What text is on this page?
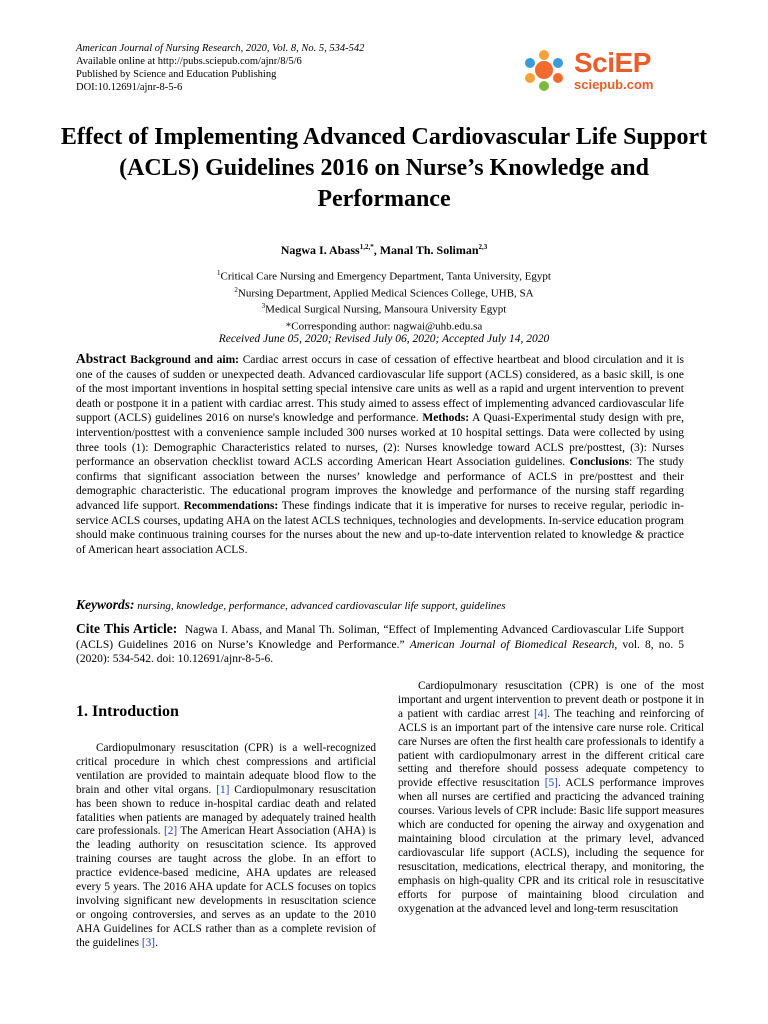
American Journal of Nursing Research, 2020, Vol. 8, No. 5, 534-542
Available online at http://pubs.sciepub.com/ajnr/8/5/6
Published by Science and Education Publishing
DOI:10.12691/ajnr-8-5-6
SciEP
sciepub.com
Effect of Implementing Advanced Cardiovascular Life Support (ACLS) Guidelines 2016 on Nurse’s Knowledge and Performance
Nagwa I. Abass$^{1,2,*}$, Manal Th. Soliman$^{2,3}$
$^1$Critical Care Nursing and Emergency Department, Tanta University, Egypt
$^2$Nursing Department, Applied Medical Sciences College, UHB, SA
$^3$Medical Surgical Nursing, Mansoura University Egypt
*Corresponding author: nagwai@uhb.edu.sa
Received June 05, 2020; Revised July 06, 2020; Accepted July 14, 2020
Abstract Background and aim: Cardiac arrest occurs in case of cessation of effective heartbeat and blood circulation and it is one of the causes of sudden or unexpected death. Advanced cardiovascular life support (ACLS) considered, as a basic skill, is one of the most important inventions in hospital setting special intensive care units as well as a rapid and urgent intervention to prevent death or postpone it in a patient with cardiac arrest. This study aimed to assess effect of implementing advanced cardiovascular life support (ACLS) guidelines 2016 on nurse's knowledge and performance. Methods: A Quasi-Experimental study design with pre, intervention/posttest with a convenience sample included 300 nurses worked at 10 hospital settings. Data were collected by using three tools (1): Demographic Characteristics related to nurses, (2): Nurses knowledge toward ACLS pre/posttest, (3): Nurses performance an observation checklist toward ACLS according American Heart Association guidelines. Conclusions: The study confirms that significant association between the nurses’ knowledge and performance of ACLS in pre/posttest and their demographic characteristic. The educational program improves the knowledge and performance of the nursing staff regarding advanced life support. Recommendations: These findings indicate that it is imperative for nurses to receive regular, periodic in-service ACLS courses, updating AHA on the latest ACLS techniques, technologies and developments. In-service education program should make continuous training courses for the nurses about the new and up-to-date intervention related to knowledge & practice of American heart association ACLS.
Keywords: nursing, knowledge, performance, advanced cardiovascular life support, guidelines
Cite This Article: Nagwa I. Abass, and Manal Th. Soliman, “Effect of Implementing Advanced Cardiovascular Life Support (ACLS) Guidelines 2016 on Nurse’s Knowledge and Performance.” American Journal of Biomedical Research, vol. 8, no. 5 (2020): 534-542. doi: 10.12691/ajnr-8-5-6.
1. Introduction
Cardiopulmonary resuscitation (CPR) is a well-recognized critical procedure in which chest compressions and artificial ventilation are provided to maintain adequate blood flow to the brain and other vital organs. [1] Cardiopulmonary resuscitation has been shown to reduce in-hospital cardiac death and related fatalities when patients are managed by adequately trained health care professionals. [2] The American Heart Association (AHA) is the leading authority on resuscitation science. Its approved training courses are taught across the globe. In an effort to practice evidence-based medicine, AHA updates are released every 5 years. The 2016 AHA update for ACLS focuses on topics involving significant new developments in resuscitation science or ongoing controversies, and serves as an update to the 2010 AHA Guidelines for ACLS rather than as a complete revision of the guidelines [3].
Cardiopulmonary resuscitation (CPR) is one of the most important and urgent intervention to prevent death or postpone it in a patient with cardiac arrest [4]. The teaching and reinforcing of ACLS is an important part of the intensive care nurse role. Critical care Nurses are often the first health care professionals to identify a patient with cardiopulmonary arrest in the different critical care setting and therefore should possess adequate competency to provide effective resuscitation [5]. ACLS performance improves when all nurses are certified and practicing the advanced training courses. Various levels of CPR include: Basic life support measures which are conducted for opening the airway and oxygenation and maintaining blood circulation at the primary level, advanced cardiovascular life support (ACLS), including the sequence for resuscitation, medications, electrical therapy, and monitoring, the emphasis on high-quality CPR and its critical role in resuscitative efforts for purpose of maintaining blood circulation and oxygenation at the advanced level and long-term resuscitation
